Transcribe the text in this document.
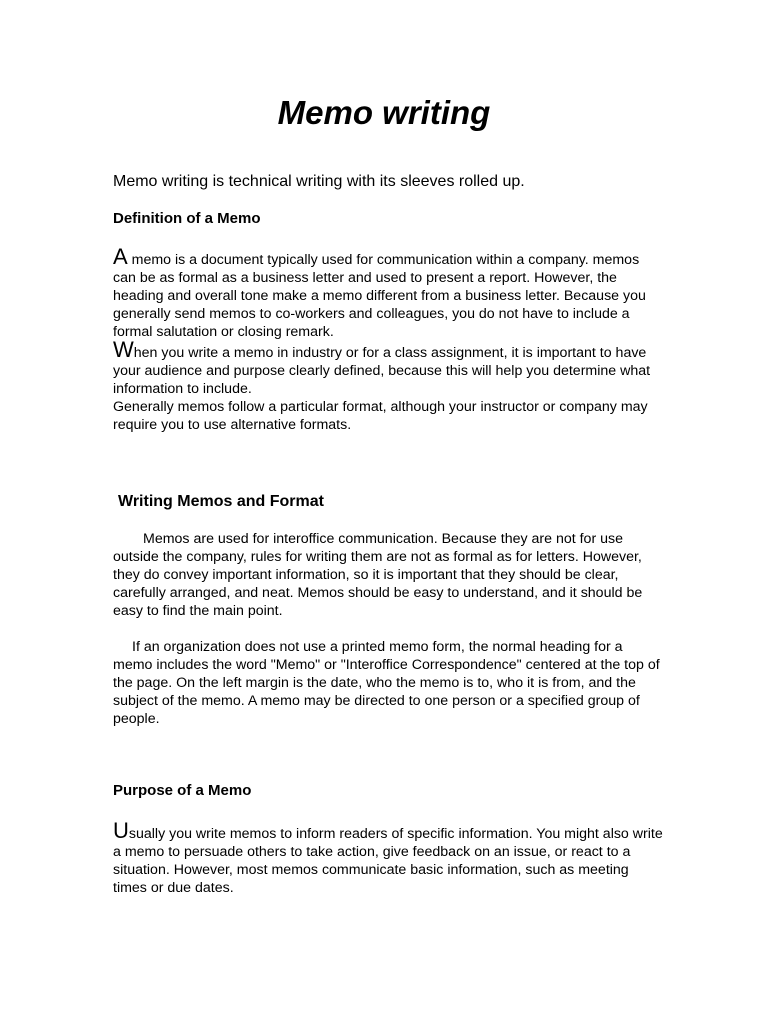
Memo writing

Memo writing is technical writing with its sleeves rolled up.

Definition of a Memo

A memo is a document typically used for communication within a company. memos can be as formal as a business letter and used to present a report. However, the heading and overall tone make a memo different from a business letter. Because you generally send memos to co-workers and colleagues, you do not have to include a formal salutation or closing remark.

When you write a memo in industry or for a class assignment, it is important to have your audience and purpose clearly defined, because this will help you determine what information to include.

Generally memos follow a particular format, although your instructor or company may require you to use alternative formats.

Writing Memos and Format

Memos are used for interoffice communication. Because they are not for use outside the company, rules for writing them are not as formal as for letters. However, they do convey important information, so it is important that they should be clear, carefully arranged, and neat. Memos should be easy to understand, and it should be easy to find the main point.

If an organization does not use a printed memo form, the normal heading for a memo includes the word "Memo" or "Interoffice Correspondence" centered at the top of the page. On the left margin is the date, who the memo is to, who it is from, and the subject of the memo. A memo may be directed to one person or a specified group of people.

Purpose of a Memo

Usually you write memos to inform readers of specific information. You might also write a memo to persuade others to take action, give feedback on an issue, or react to a situation. However, most memos communicate basic information, such as meeting times or due dates.
